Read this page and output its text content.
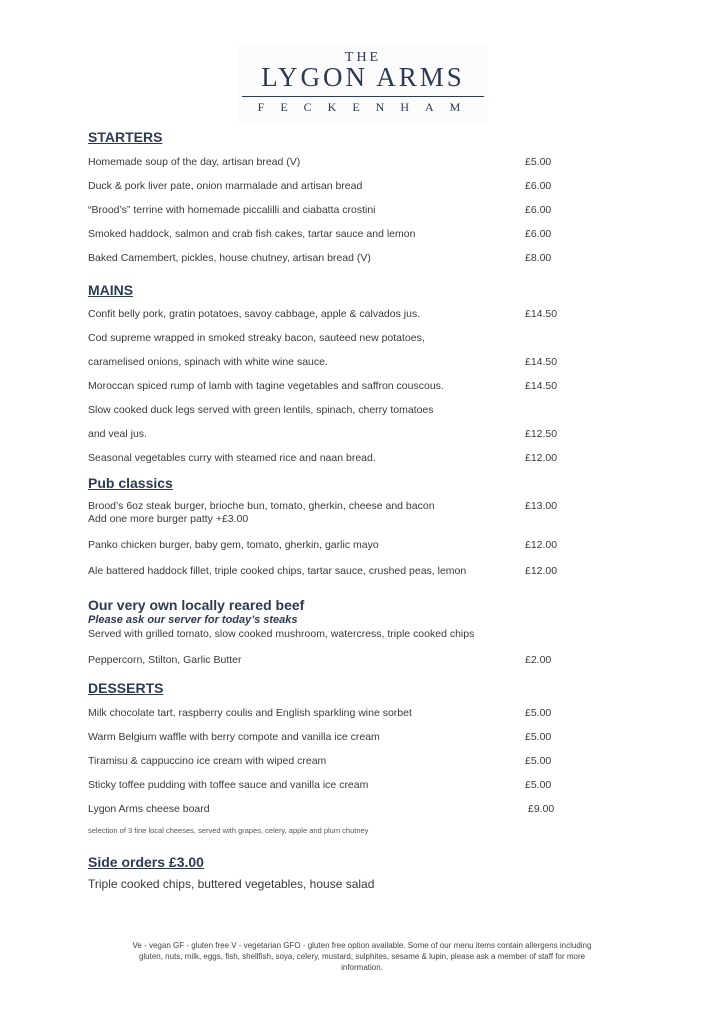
THE
LYGON ARMS
FECKENHAM
STARTERS
Homemade soup of the day, artisan bread (V)	£5.00
Duck & pork liver pate, onion marmalade and artisan bread	£6.00
“Brood’s” terrine with homemade piccalilli and ciabatta crostini	£6.00
Smoked haddock, salmon and crab fish cakes, tartar sauce and lemon	£6.00
Baked Camembert, pickles, house chutney, artisan bread (V)	£8.00
MAINS
Confit belly pork, gratin potatoes, savoy cabbage, apple & calvados jus.	£14.50
Cod supreme wrapped in smoked streaky bacon, sauteed new potatoes,
caramelised onions, spinach with white wine sauce.	£14.50
Moroccan spiced rump of lamb with tagine vegetables and saffron couscous.	£14.50
Slow cooked duck legs served with green lentils, spinach, cherry tomatoes
and veal jus.	£12.50
Seasonal vegetables curry with steamed rice and naan bread.	£12.00
Pub classics
Brood’s 6oz steak burger, brioche bun, tomato, gherkin, cheese and bacon	£13.00
Add one more burger patty +£3.00
Panko chicken burger, baby gem, tomato, gherkin, garlic mayo	£12.00
Ale battered haddock fillet, triple cooked chips, tartar sauce, crushed peas, lemon	£12.00
Our very own locally reared beef
Please ask our server for today’s steaks
Served with grilled tomato, slow cooked mushroom, watercress, triple cooked chips
Peppercorn, Stilton, Garlic Butter	£2.00
DESSERTS
Milk chocolate tart, raspberry coulis and English sparkling wine sorbet	£5.00
Warm Belgium waffle with berry compote and vanilla ice cream	£5.00
Tiramisu & cappuccino ice cream with wiped cream	£5.00
Sticky toffee pudding with toffee sauce and vanilla ice cream	£5.00
Lygon Arms cheese board	£9.00
selection of 3 fine local cheeses, served with grapes, celery, apple and plum chutney
Side orders £3.00
Triple cooked chips, buttered vegetables, house salad
Ve - vegan GF - gluten free V - vegetarian GFO - gluten free option available. Some of our menu items contain allergens including
gluten, nuts, milk, eggs, fish, shellfish, soya, celery, mustard, sulphites, sesame & lupin, please ask a member of staff for more
information.
